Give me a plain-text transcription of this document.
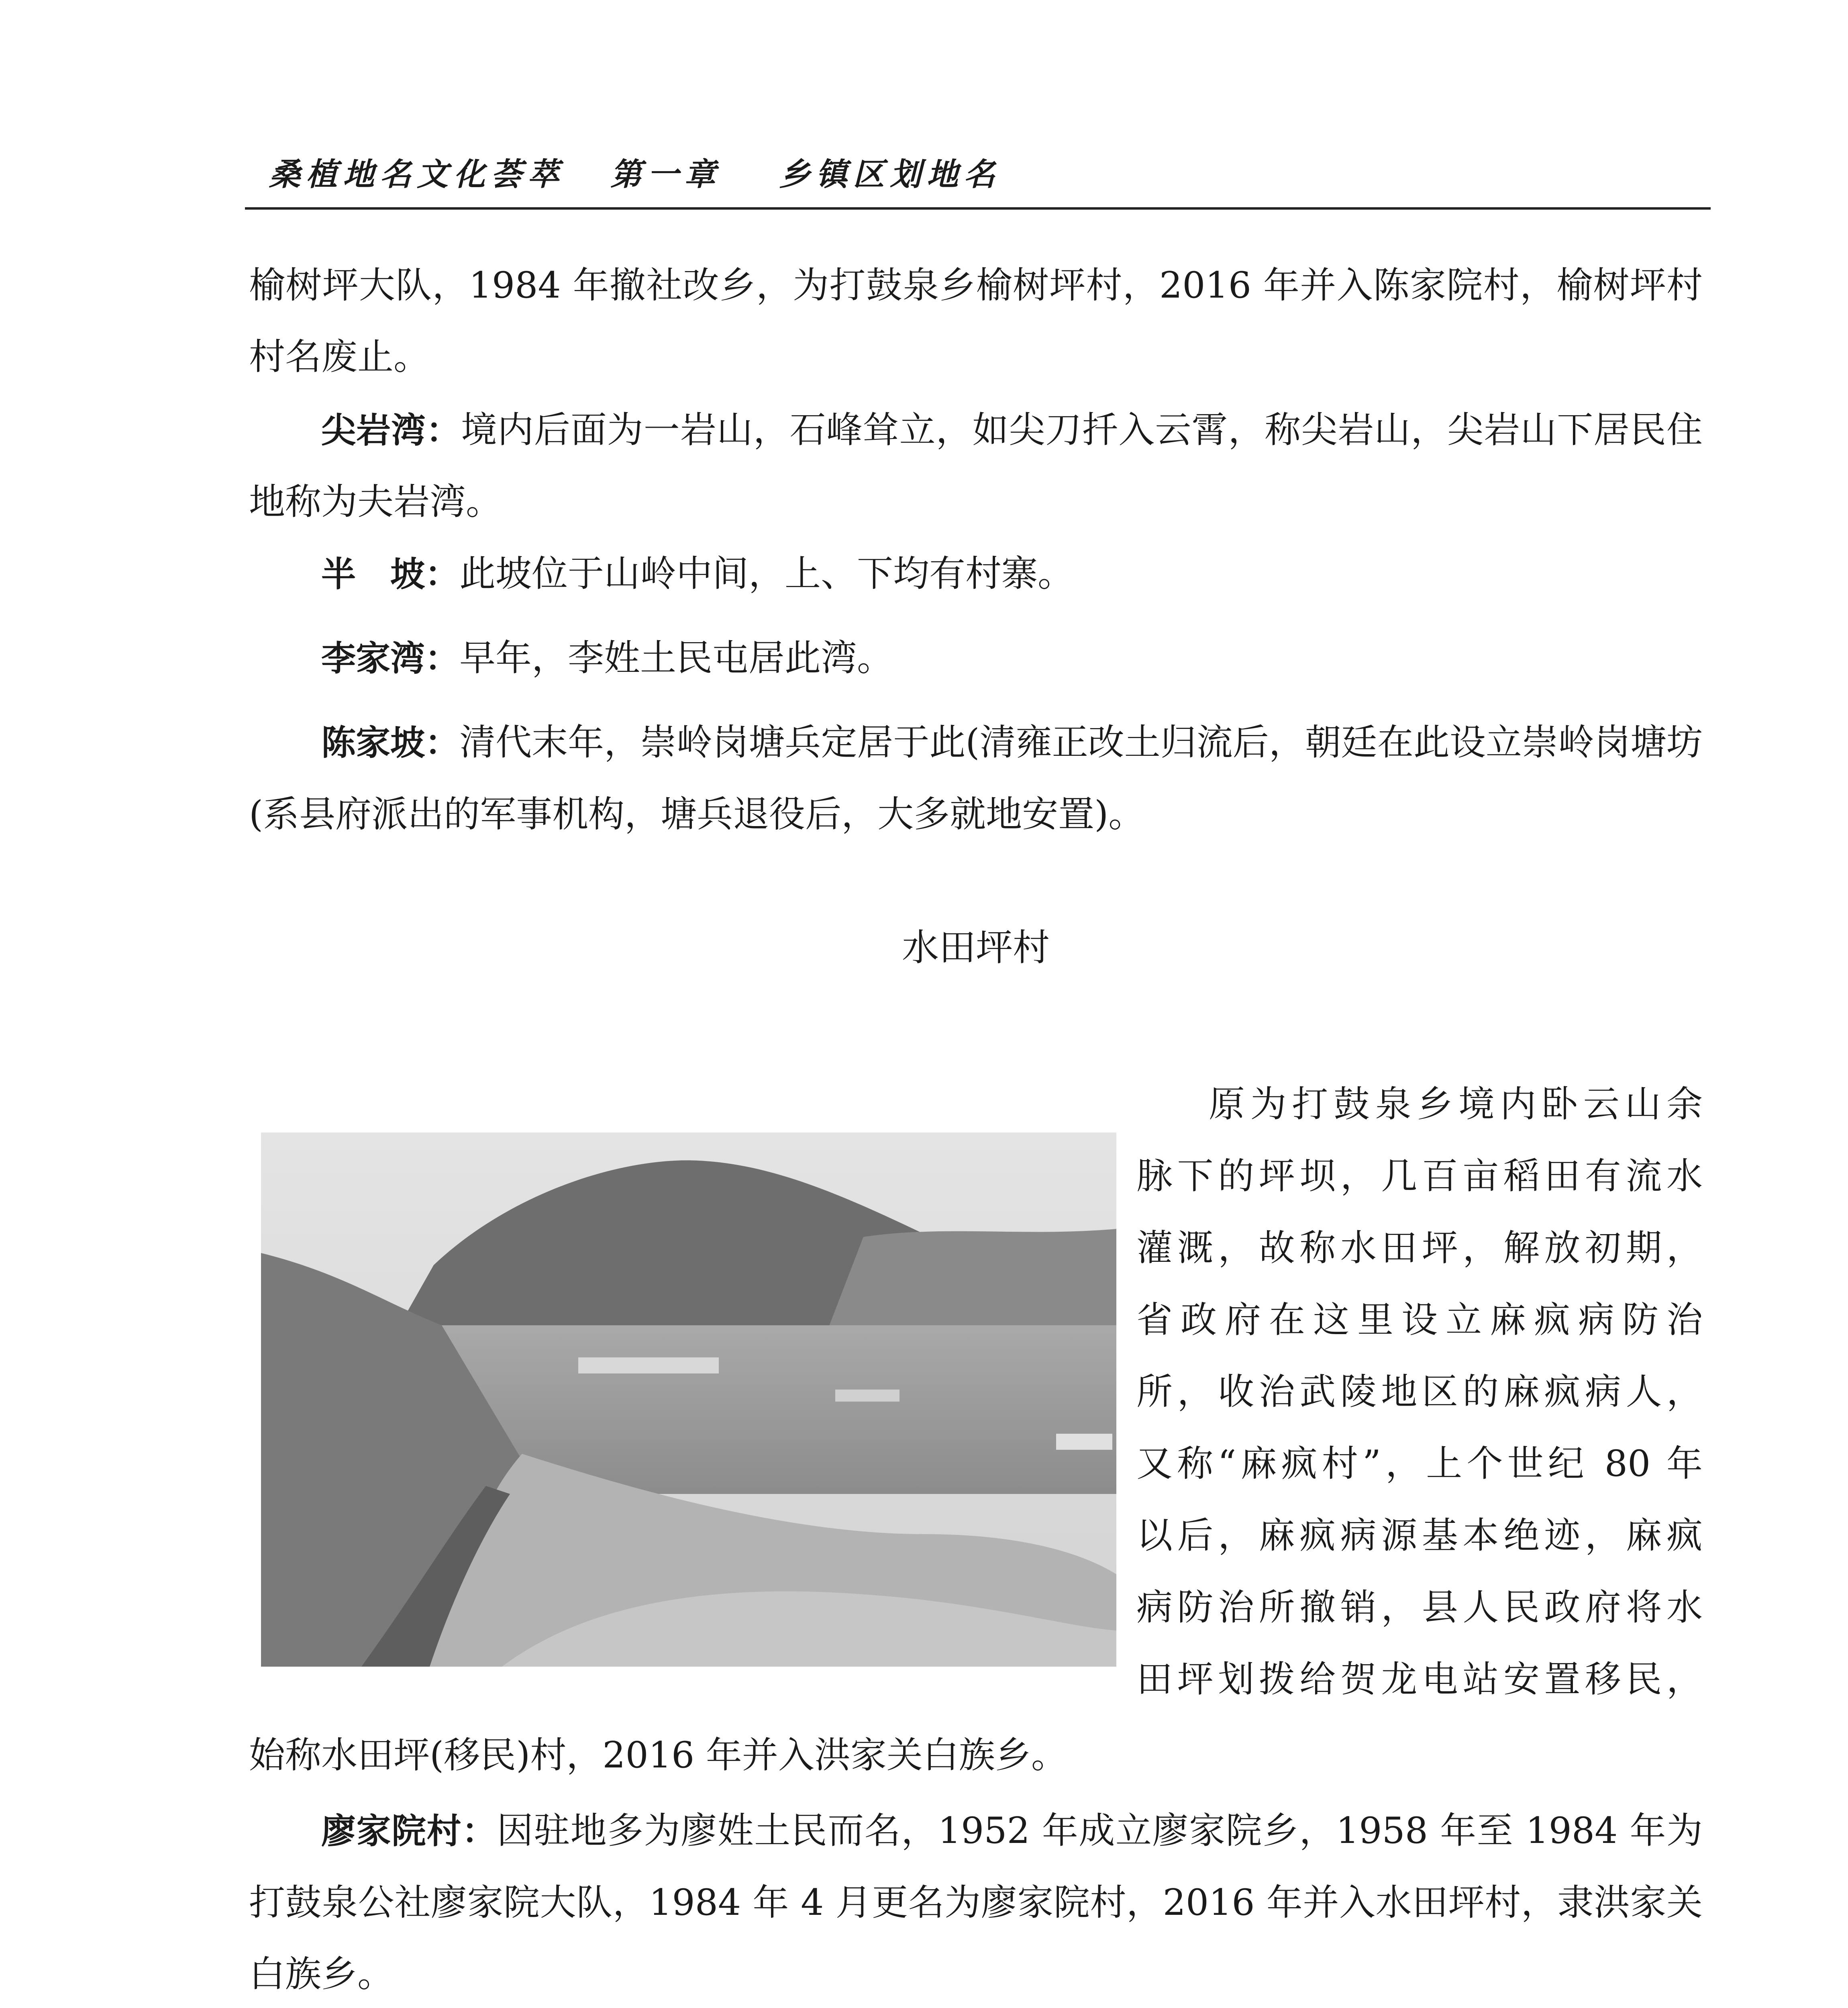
桑植地名文化荟萃 第一章 乡镇区划地名

榆树坪大队，1984 年撤社改乡，为打鼓泉乡榆树坪村，2016 年并入陈家院村，榆树坪村村名废止。

尖岩湾：境内后面为一岩山，石峰耸立，如尖刀扦入云霄，称尖岩山，尖岩山下居民住地称为夫岩湾。

半　坡：此坡位于山岭中间，上、下均有村寨。

李家湾：早年，李姓土民屯居此湾。

陈家坡：清代末年，崇岭岗塘兵定居于此(清雍正改土归流后，朝廷在此设立崇岭岗塘坊(系县府派出的军事机构，塘兵退役后，大多就地安置)。

水田坪村
原为打鼓泉乡境内卧云山余
脉下的坪坝，几百亩稻田有流水
灌溉，故称水田坪，解放初期，
省政府在这里设立麻疯病防治
所，收治武陵地区的麻疯病人，
又称“麻疯村”，上个世纪 80 年
以后，麻疯病源基本绝迹，麻疯
病防治所撤销，县人民政府将水
田坪划拨给贺龙电站安置移民，

始称水田坪(移民)村，2016 年并入洪家关白族乡。

廖家院村：因驻地多为廖姓土民而名，1952 年成立廖家院乡，1958 年至 1984 年为打鼓泉公社廖家院大队，1984 年 4 月更名为廖家院村，2016 年并入水田坪村，隶洪家关白族乡。
